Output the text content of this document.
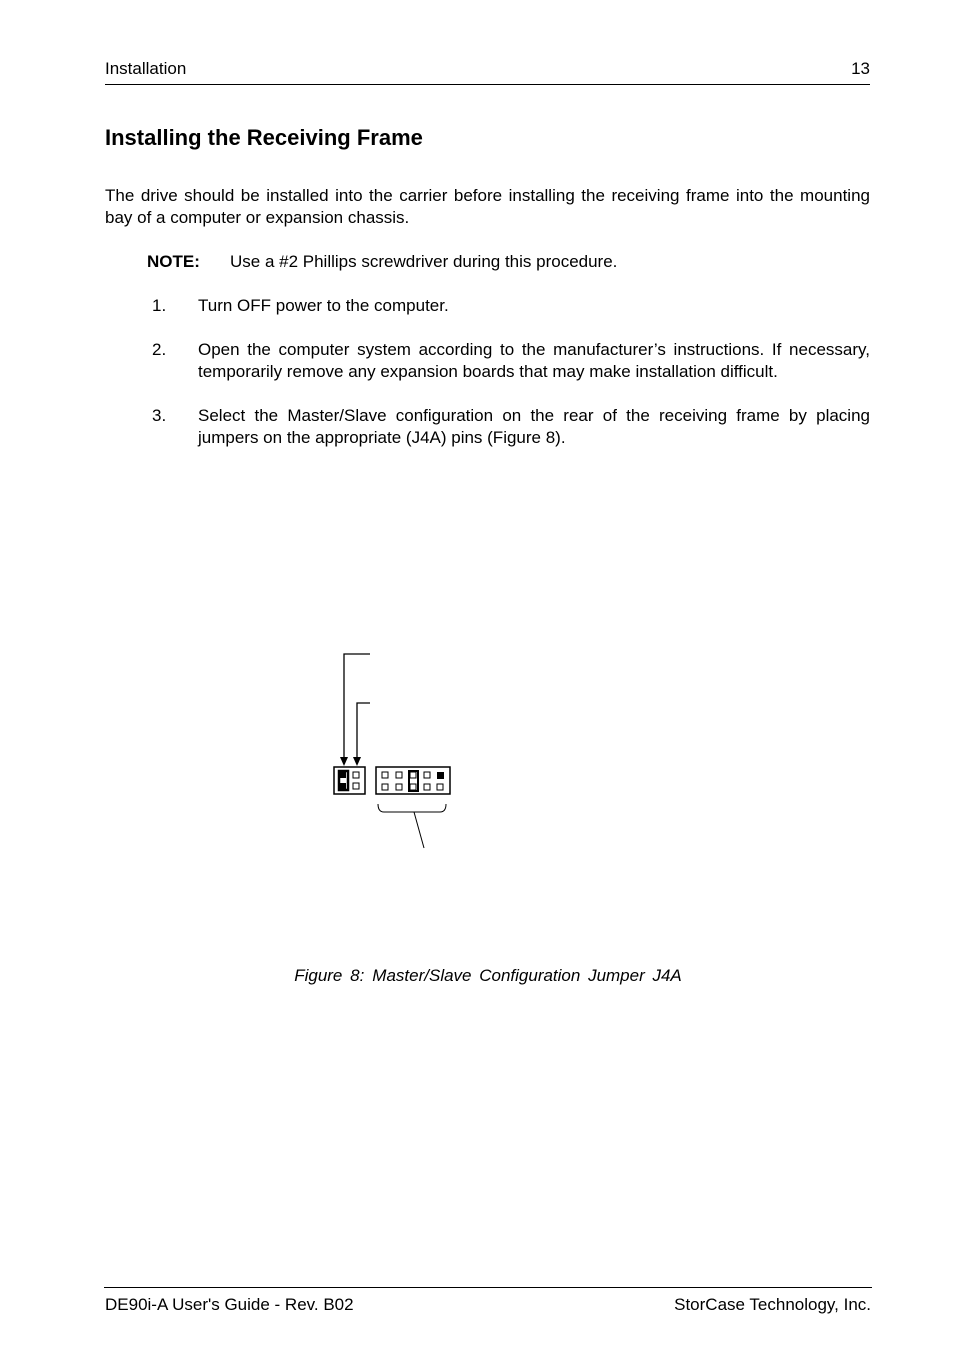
Installation	13
Installing the Receiving Frame

The drive should be installed into the carrier before installing the receiving frame into the mounting bay of a computer or expansion chassis.

NOTE: Use a #2 Phillips screwdriver during this procedure.
1. Turn OFF power to the computer.
2. Open the computer system according to the manufacturer’s instructions. If necessary, temporarily remove any expansion boards that may make installation difficult.
3. Select the Master/Slave configuration on the rear of the receiving frame by placing jumpers on the appropriate (J4A) pins (Figure 8).
Figure 8: Master/Slave Configuration Jumper J4A
DE90i-A User's Guide - Rev. B02	StorCase Technology, Inc.
